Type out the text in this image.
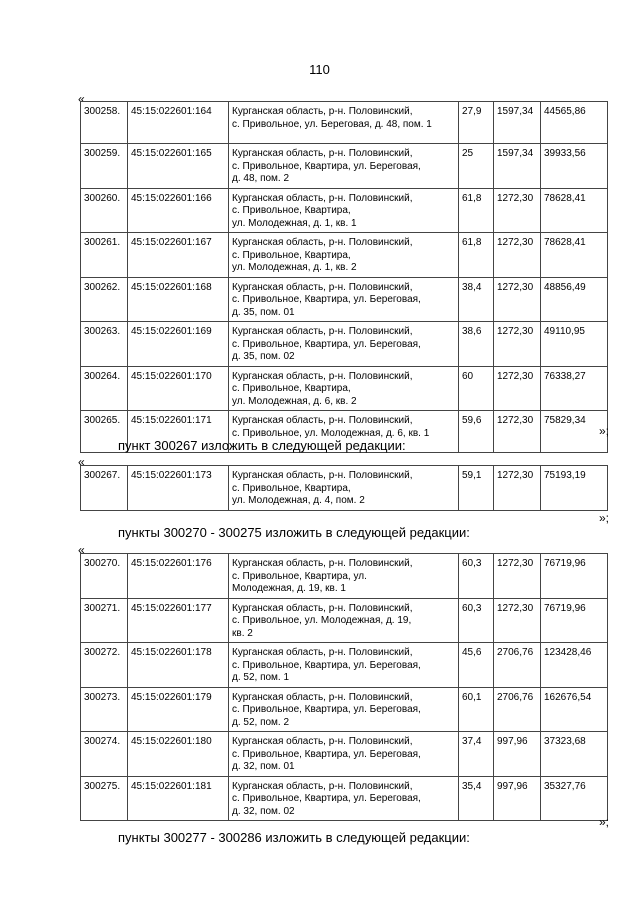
110
«
300258.	45:15:022601:164	Курганская область, р-н. Половинский,
с. Привольное, ул. Береговая, д. 48, пом. 1	27,9	1597,34	44565,86
300259.	45:15:022601:165	Курганская область, р-н. Половинский,
с. Привольное, Квартира, ул. Береговая,
д. 48, пом. 2	25	1597,34	39933,56
300260.	45:15:022601:166	Курганская область, р-н. Половинский,
с. Привольное, Квартира,
ул. Молодежная, д. 1, кв. 1	61,8	1272,30	78628,41
300261.	45:15:022601:167	Курганская область, р-н. Половинский,
с. Привольное, Квартира,
ул. Молодежная, д. 1, кв. 2	61,8	1272,30	78628,41
300262.	45:15:022601:168	Курганская область, р-н. Половинский,
с. Привольное, Квартира, ул. Береговая,
д. 35, пом. 01	38,4	1272,30	48856,49
300263.	45:15:022601:169	Курганская область, р-н. Половинский,
с. Привольное, Квартира, ул. Береговая,
д. 35, пом. 02	38,6	1272,30	49110,95
300264.	45:15:022601:170	Курганская область, р-н. Половинский,
с. Привольное, Квартира,
ул. Молодежная, д. 6, кв. 2	60	1272,30	76338,27
300265.	45:15:022601:171	Курганская область, р-н. Половинский,
с. Привольное, ул. Молодежная, д. 6, кв. 1	59,6	1272,30	75829,34
»;
пункт 300267 изложить в следующей редакции:
«
300267.	45:15:022601:173	Курганская область, р-н. Половинский,
с. Привольное, Квартира,
ул. Молодежная, д. 4, пом. 2
	59,1	1272,30	75193,19
»;
пункты 300270 - 300275 изложить в следующей редакции:
«
300270.	45:15:022601:176	Курганская область, р-н. Половинский,
с. Привольное, Квартира, ул.
Молодежная, д. 19, кв. 1	60,3	1272,30	76719,96
300271.	45:15:022601:177	Курганская область, р-н. Половинский,
с. Привольное, ул. Молодежная, д. 19,
кв. 2	60,3	1272,30	76719,96
300272.	45:15:022601:178	Курганская область, р-н. Половинский,
с. Привольное, Квартира, ул. Береговая,
д. 52, пом. 1	45,6	2706,76	123428,46
300273.	45:15:022601:179	Курганская область, р-н. Половинский,
с. Привольное, Квартира, ул. Береговая,
д. 52, пом. 2	60,1	2706,76	162676,54
300274.	45:15:022601:180	Курганская область, р-н. Половинский,
с. Привольное, Квартира, ул. Береговая,
д. 32, пом. 01	37,4	997,96	37323,68
300275.	45:15:022601:181	Курганская область, р-н. Половинский,
с. Привольное, Квартира, ул. Береговая,
д. 32, пом. 02	35,4	997,96	35327,76
»;
пункты 300277 - 300286 изложить в следующей редакции:
